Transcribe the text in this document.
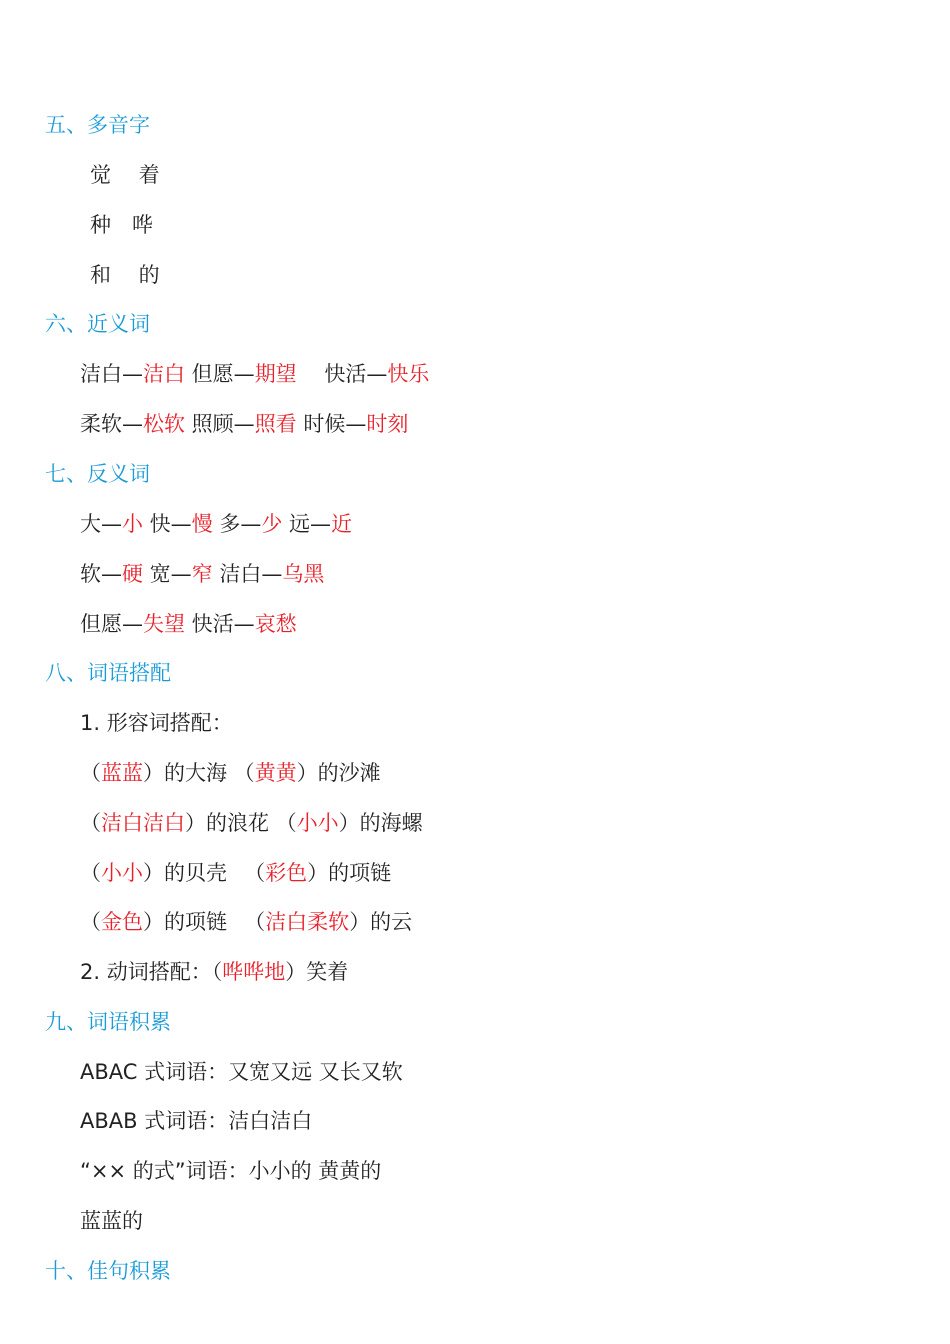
五、多音字
觉　 着
种　哗
和　 的
六、近义词
洁白—洁白 但愿—期望　 快活—快乐
柔软—松软 照顾—照看 时候—时刻
七、反义词
大—小 快—慢 多—少 远—近
软—硬 宽—窄 洁白—乌黑
但愿—失望 快活—哀愁
八、词语搭配
1. 形容词搭配：
（蓝蓝）的大海 （黄黄）的沙滩
（洁白洁白）的浪花 （小小）的海螺
（小小）的贝壳 　（彩色）的项链
（金色）的项链 　（洁白柔软）的云
2. 动词搭配：（哗哗地）笑着
九、词语积累
ABAC 式词语：又宽又远 又长又软
ABAB 式词语：洁白洁白
“×× 的式”词语：小小的 黄黄的
蓝蓝的
十、佳句积累
